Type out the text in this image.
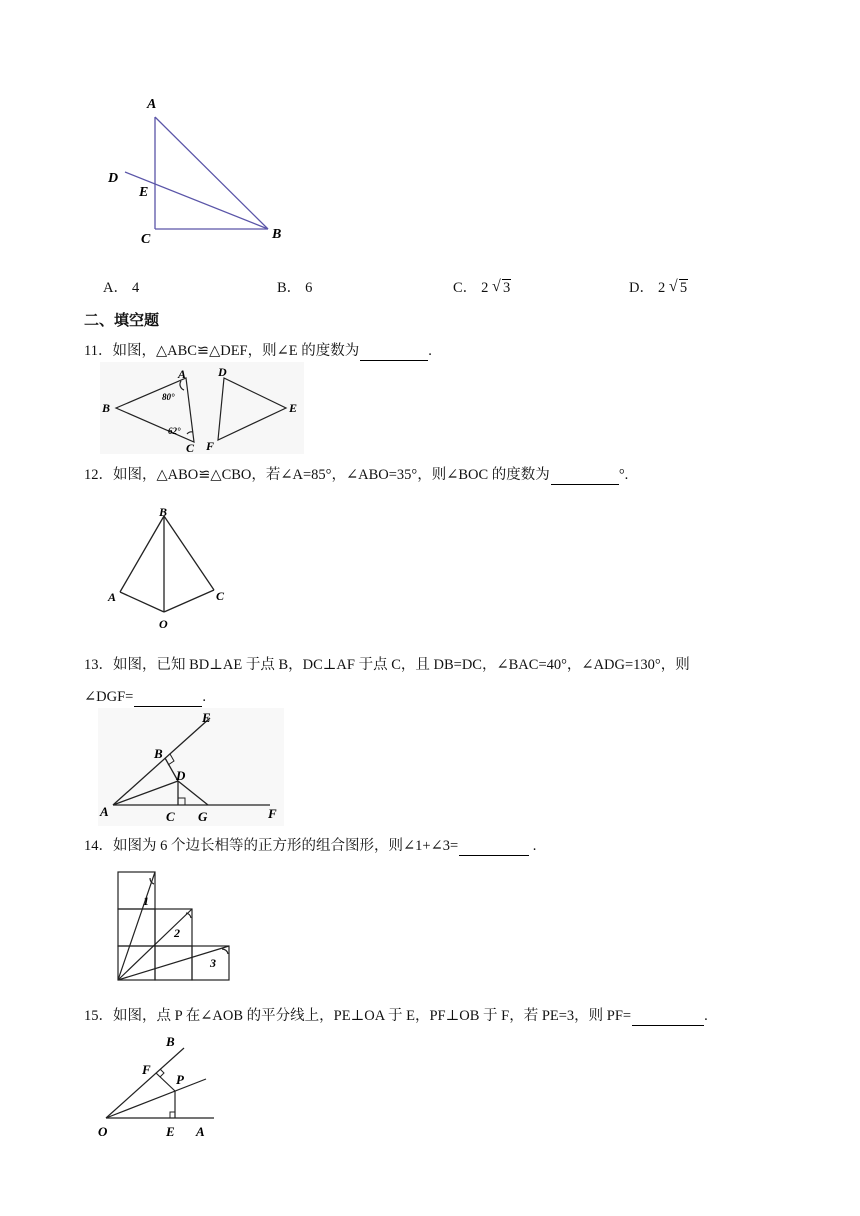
A
B
C
D
E
A． 4	B． 6	C． 2 √ 3	D． 2 √ 5
二、填空题
11．如图，△ABC≌△DEF，则∠E 的度数为	.
A
B
C
D
E
F
80°
62°
12．如图，△ABO≌△CBO，若∠A=85°，∠ABO=35°，则∠BOC 的度数为	°.
B
A	C
O
13．如图，已知 BD⊥AE 于点 B，DC⊥AF 于点 C，且 DB=DC，∠BAC=40°，∠ADG=130°，则
∠DGF=	.
E
B
D
A	C G	F
14．如图为 6 个边长相等的正方形的组合图形，则∠1+∠3=	.
1
2
3
15．如图，点 P 在∠AOB 的平分线上，PE⊥OA 于 E，PF⊥OB 于 F，若 PE=3，则 PF=	.
B
F
P
O	E A
